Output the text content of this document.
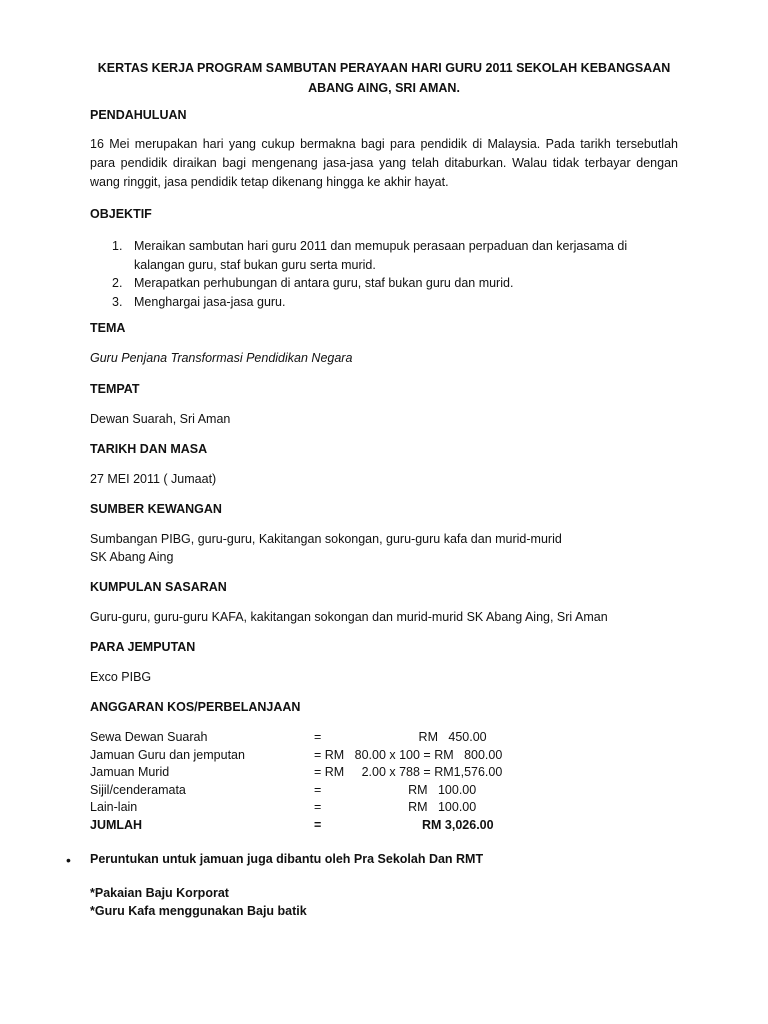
KERTAS KERJA PROGRAM SAMBUTAN PERAYAAN HARI GURU 2011 SEKOLAH KEBANGSAAN
ABANG AING, SRI AMAN.
PENDAHULUAN
16 Mei merupakan hari yang cukup bermakna bagi para pendidik di Malaysia. Pada tarikh tersebutlah para pendidik diraikan bagi mengenang jasa-jasa yang telah ditaburkan. Walau tidak terbayar dengan wang ringgit, jasa pendidik tetap dikenang hingga ke akhir hayat.
OBJEKTIF
1. Meraikan sambutan hari guru 2011 dan memupuk perasaan perpaduan dan kerjasama di
kalangan guru, staf bukan guru serta murid.
2. Merapatkan perhubungan di antara guru, staf bukan guru dan murid.
3. Menghargai jasa-jasa guru.
TEMA
Guru Penjana Transformasi Pendidikan Negara
TEMPAT
Dewan Suarah, Sri Aman
TARIKH DAN MASA
27 MEI 2011 ( Jumaat)
SUMBER KEWANGAN
Sumbangan PIBG, guru-guru, Kakitangan sokongan, guru-guru kafa dan murid-murid
SK Abang Aing
KUMPULAN SASARAN
Guru-guru, guru-guru KAFA, kakitangan sokongan dan murid-murid SK Abang Aing, Sri Aman
PARA JEMPUTAN
Exco PIBG
ANGGARAN KOS/PERBELANJAAN
Sewa Dewan Suarah	=                            RM   450.00
Jamuan Guru dan jemputan	= RM   80.00 x 100 = RM   800.00
Jamuan Murid	= RM     2.00 x 788 = RM1,576.00
Sijil/cenderamata	=                         RM   100.00
Lain-lain	=                         RM   100.00
JUMLAH	=                             RM 3,026.00
• Peruntukan untuk jamuan juga dibantu oleh Pra Sekolah Dan RMT
*Pakaian Baju Korporat
*Guru Kafa menggunakan Baju batik
